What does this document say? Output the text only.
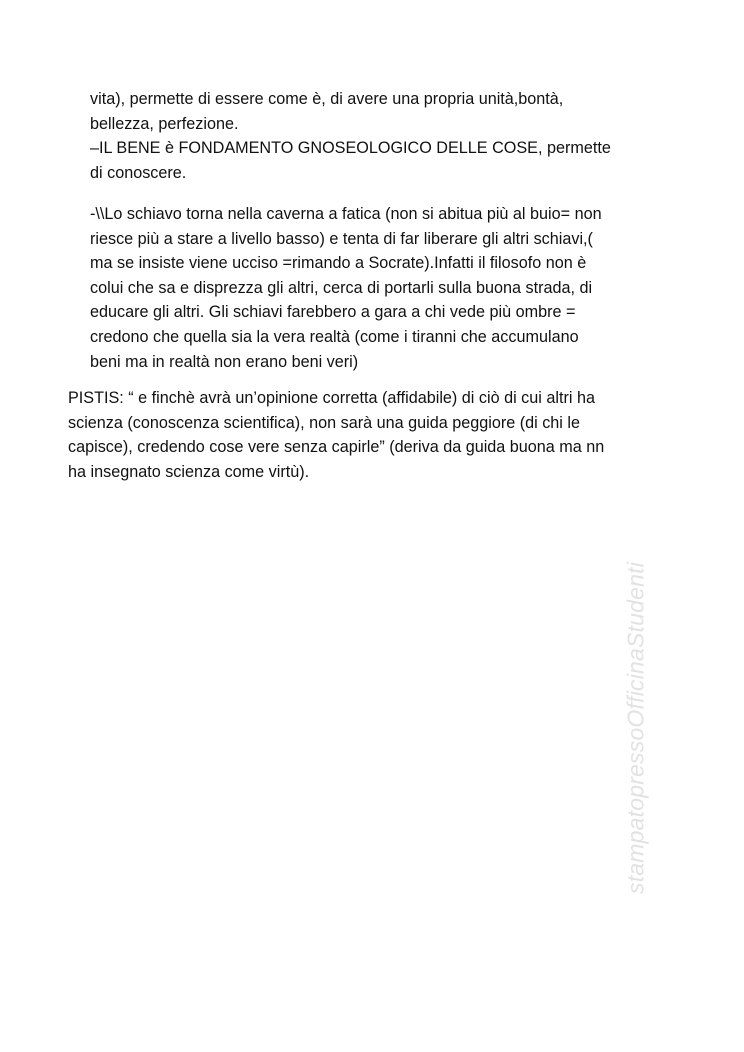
vita), permette di essere come è, di avere una propria unità,bontà,
bellezza, perfezione.
–IL BENE è FONDAMENTO GNOSEOLOGICO DELLE COSE, permette
di conoscere.
-\\Lo schiavo torna nella caverna a fatica (non si abitua più al buio= non
riesce più a stare a livello basso) e tenta di far liberare gli altri schiavi,(
ma se insiste viene ucciso =rimando a Socrate).Infatti il filosofo non è
colui che sa e disprezza gli altri, cerca di portarli sulla buona strada, di
educare gli altri. Gli schiavi farebbero a gara a chi vede più ombre =
credono che quella sia la vera realtà (come i tiranni che accumulano
beni ma in realtà non erano beni veri)
PISTIS: “ e finchè avrà un’opinione corretta (affidabile) di ciò di cui altri ha
scienza (conoscenza scientifica), non sarà una guida peggiore (di chi le
capisce), credendo cose vere senza capirle” (deriva da guida buona ma nn
ha insegnato scienza come virtù).
stampatopressoOfficinaStudenti
